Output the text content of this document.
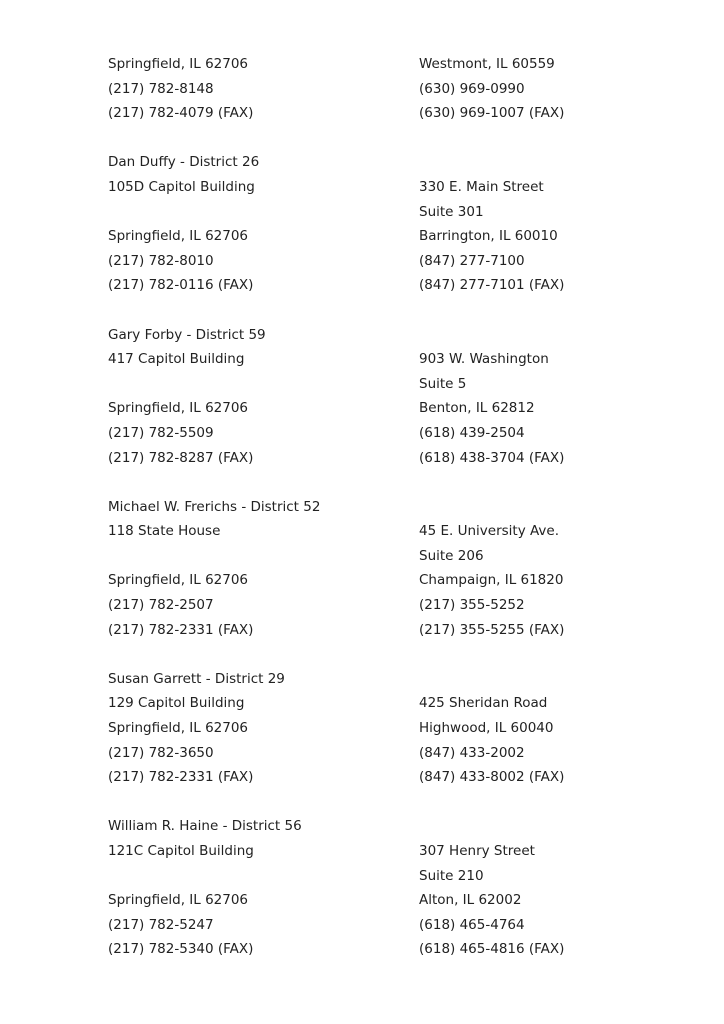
Springfield, IL 62706
(217) 782-8148
(217) 782-4079 (FAX)
Dan Duffy - District 26
105D Capitol Building
Springfield, IL 62706
(217) 782-8010
(217) 782-0116 (FAX)
Gary Forby - District 59
417 Capitol Building
Springfield, IL 62706
(217) 782-5509
(217) 782-8287 (FAX)
Michael W. Frerichs - District 52
118 State House
Springfield, IL 62706
(217) 782-2507
(217) 782-2331 (FAX)
Susan Garrett - District 29
129 Capitol Building
Springfield, IL 62706
(217) 782-3650
(217) 782-2331 (FAX)
William R. Haine - District 56
121C Capitol Building
Springfield, IL 62706
(217) 782-5247
(217) 782-5340 (FAX)
Westmont, IL 60559
(630) 969-0990
(630) 969-1007 (FAX)
330 E. Main Street
Suite 301
Barrington, IL 60010
(847) 277-7100
(847) 277-7101 (FAX)
903 W. Washington
Suite 5
Benton, IL 62812
(618) 439-2504
(618) 438-3704 (FAX)
45 E. University Ave.
Suite 206
Champaign, IL 61820
(217) 355-5252
(217) 355-5255 (FAX)
425 Sheridan Road
Highwood, IL 60040
(847) 433-2002
(847) 433-8002 (FAX)
307 Henry Street
Suite 210
Alton, IL 62002
(618) 465-4764
(618) 465-4816 (FAX)
